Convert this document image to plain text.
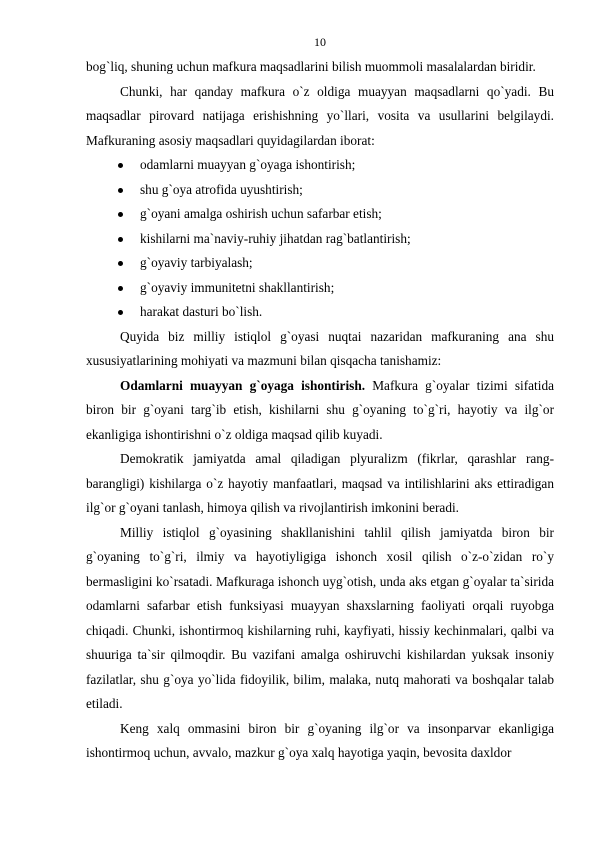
10

bog`liq, shuning uchun mafkura maqsadlarini bilish muommoli masalalardan biridir.

Chunki, har qanday mafkura o`z oldiga muayyan maqsadlarni qo`yadi. Bu maqsadlar pirovard natijaga erishishning yo`llari, vosita va usullarini belgilaydi. Mafkuraning asosiy maqsadlari quyidagilardan iborat:

odamlarni muayyan g`oyaga ishontirish;
shu g`oya atrofida uyushtirish;
g`oyani amalga oshirish uchun safarbar etish;
kishilarni ma`naviy-ruhiy jihatdan rag`batlantirish;
g`oyaviy tarbiyalash;
g`oyaviy immunitetni shakllantirish;
harakat dasturi bo`lish.

Quyida biz milliy istiqlol g`oyasi nuqtai nazaridan mafkuraning ana shu xususiyatlarining mohiyati va mazmuni bilan qisqacha tanishamiz:

Odamlarni muayyan g`oyaga ishontirish. Mafkura g`oyalar tizimi sifatida biron bir g`oyani targ`ib etish, kishilarni shu g`oyaning to`g`ri, hayotiy va ilg`or ekanligiga ishontirishni o`z oldiga maqsad qilib kuyadi.

Demokratik jamiyatda amal qiladigan plyuralizm (fikrlar, qarashlar rang-barangligi) kishilarga o`z hayotiy manfaatlari, maqsad va intilishlarini aks ettiradigan ilg`or g`oyani tanlash, himoya qilish va rivojlantirish imkonini beradi.

Milliy istiqlol g`oyasining shakllanishini tahlil qilish jamiyatda biron bir g`oyaning to`g`ri, ilmiy va hayotiyligiga ishonch xosil qilish o`z-o`zidan ro`y bermasligini ko`rsatadi. Mafkuraga ishonch uyg`otish, unda aks etgan g`oyalar ta`sirida odamlarni safarbar etish funksiyasi muayyan shaxslarning faoliyati orqali ruyobga chiqadi. Chunki, ishontirmoq kishilarning ruhi, kayfiyati, hissiy kechinmalari, qalbi va shuuriga ta`sir qilmoqdir. Bu vazifani amalga oshiruvchi kishilardan yuksak insoniy fazilatlar, shu g`oya yo`lida fidoyilik, bilim, malaka, nutq mahorati va boshqalar talab etiladi.

Keng xalq ommasini biron bir g`oyaning ilg`or va insonparvar ekanligiga ishontirmoq uchun, avvalo, mazkur g`oya xalq hayotiga yaqin, bevosita daxldor
